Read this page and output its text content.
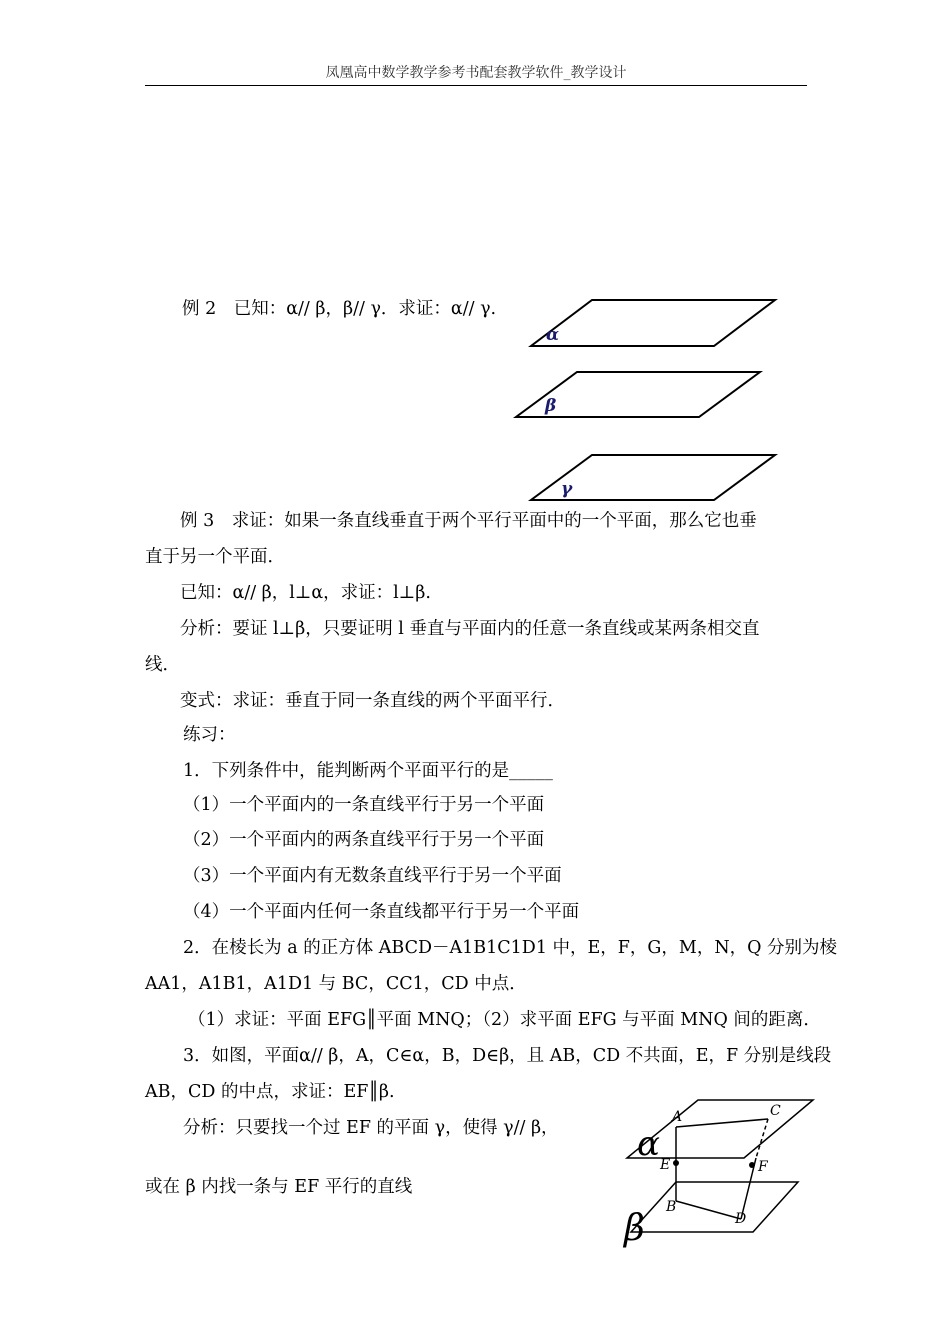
凤凰高中数学教学参考书配套教学软件_教学设计
例 2　已知：α// β，β// γ．求证：α// γ.
α
β
γ
例 3　求证：如果一条直线垂直于两个平行平面中的一个平面，那么它也垂
直于另一个平面．
已知：α// β，l⊥α，求证：l⊥β.
分析：要证 l⊥β，只要证明 l 垂直与平面内的任意一条直线或某两条相交直
线．
变式：求证：垂直于同一条直线的两个平面平行．
练习：
1．下列条件中，能判断两个平面平行的是_____
（1）一个平面内的一条直线平行于另一个平面
（2）一个平面内的两条直线平行于另一个平面
（3）一个平面内有无数条直线平行于另一个平面
（4）一个平面内任何一条直线都平行于另一个平面
2．在棱长为 a 的正方体 ABCD－A1B1C1D1 中，E，F，G，M，N，Q 分别为棱
AA1，A1B1，A1D1 与 BC，CC1，CD 中点．
（1）求证：平面 EFG║平面 MNQ；（2）求平面 EFG 与平面 MNQ 间的距离．
3．如图，平面α// β，A，C∈α，B，D∈β，且 AB，CD 不共面，E，F 分别是线段
AB，CD 的中点，求证：EF║β.
分析：只要找一个过 EF 的平面 γ，使得 γ// β，
或在 β 内找一条与 EF 平行的直线
A	C
E	F
B
D
α
β
